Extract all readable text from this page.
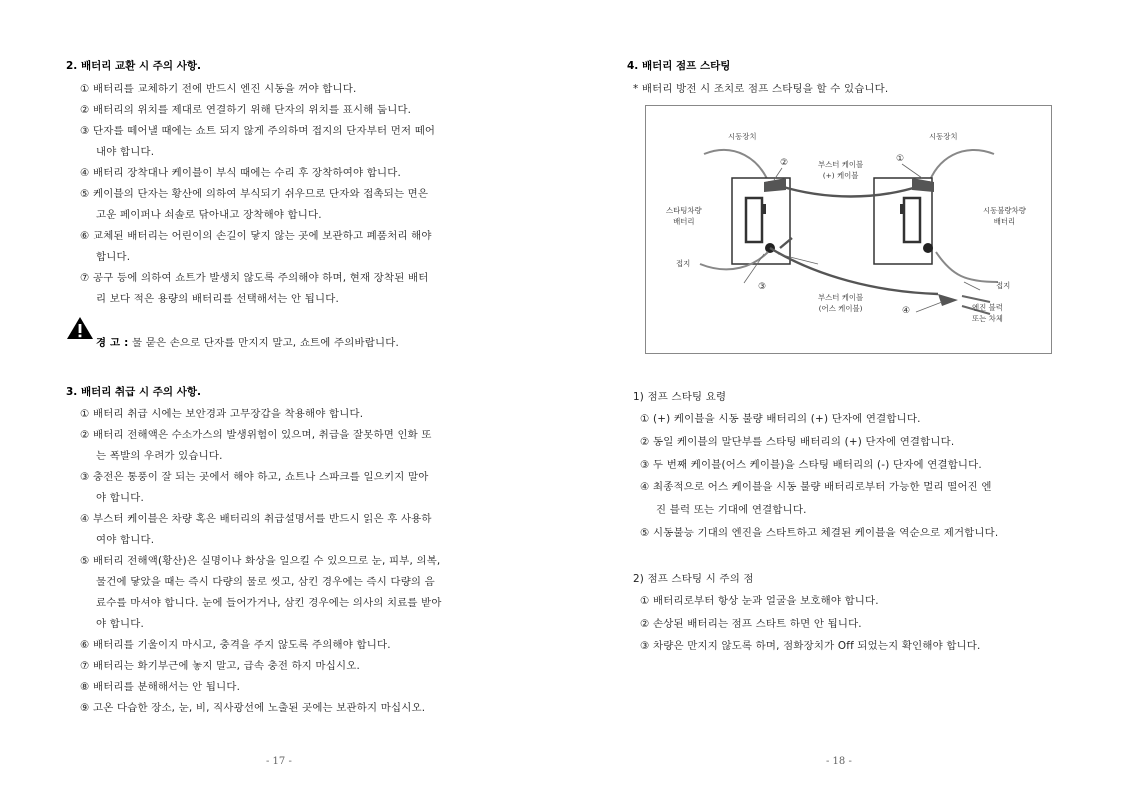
2. 배터리 교환 시 주의 사항.
① 배터리를 교체하기 전에 반드시 엔진 시동을 꺼야 합니다.
② 배터리의 위치를 제대로 연결하기 위해 단자의 위치를 표시해 둡니다.
③ 단자를 떼어낼 때에는 쇼트 되지 않게 주의하며 접지의 단자부터 먼저 떼어
내야 합니다.
④ 배터리 장착대나 케이블이 부식 때에는 수리 후 장착하여야 합니다.
⑤ 케이블의 단자는 황산에 의하여 부식되기 쉬우므로 단자와 접촉되는 면은
고운 페이퍼나 쇠솔로 닦아내고 장착해야 합니다.
⑥ 교체된 배터리는 어린이의 손길이 닿지 않는 곳에 보관하고 폐품처리 해야
합니다.
⑦ 공구 등에 의하여 쇼트가 발생치 않도록 주의해야 하며, 현재 장착된 배터
리 보다 적은 용량의 배터리를 선택해서는 안 됩니다.
경 고 : 물 묻은 손으로 단자를 만지지 말고, 쇼트에 주의바랍니다.
3. 배터리 취급 시 주의 사항.
① 배터리 취급 시에는 보안경과 고무장갑을 착용해야 합니다.
② 배터리 전해액은 수소가스의 발생위험이 있으며, 취급을 잘못하면 인화 또
는 폭발의 우려가 있습니다.
③ 충전은 통풍이 잘 되는 곳에서 해야 하고, 쇼트나 스파크를 일으키지 말아
야 합니다.
④ 부스터 케이블은 차량 혹은 배터리의 취급설명서를 반드시 읽은 후 사용하
여야 합니다.
⑤ 배터리 전해액(황산)은 실명이나 화상을 일으킬 수 있으므로 눈, 피부, 의복,
물건에 닿았을 때는 즉시 다량의 물로 씻고, 삼킨 경우에는 즉시 다량의 음
료수를 마셔야 합니다. 눈에 들어가거나, 삼킨 경우에는 의사의 치료를 받아
야 합니다.
⑥ 배터리를 기울이지 마시고, 충격을 주지 않도록 주의해야 합니다.
⑦ 배터리는 화기부근에 놓지 말고, 급속 충전 하지 마십시오.
⑧ 배터리를 분해해서는 안 됩니다.
⑨ 고온 다습한 장소, 눈, 비, 직사광선에 노출된 곳에는 보관하지 마십시오.
- 17 -
4. 배터리 점프 스타팅
* 배터리 방전 시 조치로 점프 스타팅을 할 수 있습니다.
시동장치	시동장치
스타팅차량
배터리
시동불량차량
배터리
부스터 케이블
(+) 케이블
접지
접지
부스터 케이블
(어스 케이블)	엔진 블럭
또는 차체
①
②
③
④
1) 점프 스타팅 요령
① (+) 케이블을 시동 불량 배터리의 (+) 단자에 연결합니다.
② 동일 케이블의 말단부를 스타팅 배터리의 (+) 단자에 연결합니다.
③ 두 번째 케이블(어스 케이블)을 스타팅 배터리의 (-) 단자에 연결합니다.
④ 최종적으로 어스 케이블을 시동 불량 배터리로부터 가능한 멀리 떨어진 엔
진 블럭 또는 기대에 연결합니다.
⑤ 시동불능 기대의 엔진을 스타트하고 체결된 케이블을 역순으로 제거합니다.
2) 점프 스타팅 시 주의 점
① 배터리로부터 항상 눈과 얼굴을 보호해야 합니다.
② 손상된 배터리는 점프 스타트 하면 안 됩니다.
③ 차량은 만지지 않도록 하며, 점화장치가 Off 되었는지 확인해야 합니다.
- 18 -
